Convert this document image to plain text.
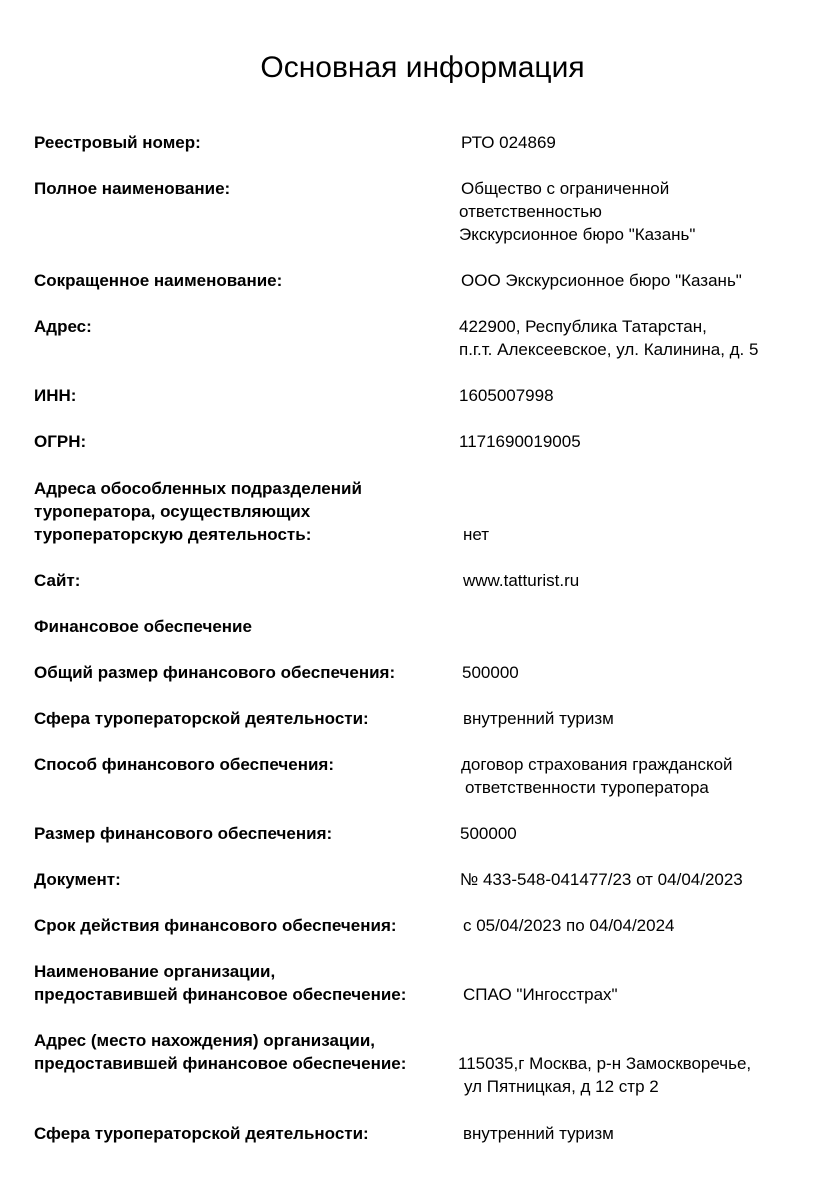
Основная информация
Реестровый номер:	РТО 024869
Полное наименование:	Общество с ограниченной
ответственностью
Экскурсионное бюро "Казань"
Сокращенное наименование:	ООО Экскурсионное бюро "Казань"
Адрес:	422900, Республика Татарстан,
п.г.т. Алексеевское, ул. Калинина, д. 5
ИНН:	1605007998
ОГРН:	1171690019005
Адреса обособленных подразделений
туроператора, осуществляющих
туроператорскую деятельность:	нет
Сайт:	www.tatturist.ru
Финансовое обеспечение
Общий размер финансового обеспечения:	500000
Сфера туроператорской деятельности:	внутренний туризм
Способ финансового обеспечения:	договор страхования гражданской
ответственности туроператора
Размер финансового обеспечения:	500000
Документ:	№ 433-548-041477/23 от 04/04/2023
Срок действия финансового обеспечения:	с 05/04/2023 по 04/04/2024
Наименование организации,
предоставившей финансовое обеспечение:	СПАО "Ингосстрах"
Адрес (место нахождения) организации,
предоставившей финансовое обеспечение:	115035,г Москва, р-н Замоскворечье,
ул Пятницкая, д 12 стр 2
Сфера туроператорской деятельности:	внутренний туризм
